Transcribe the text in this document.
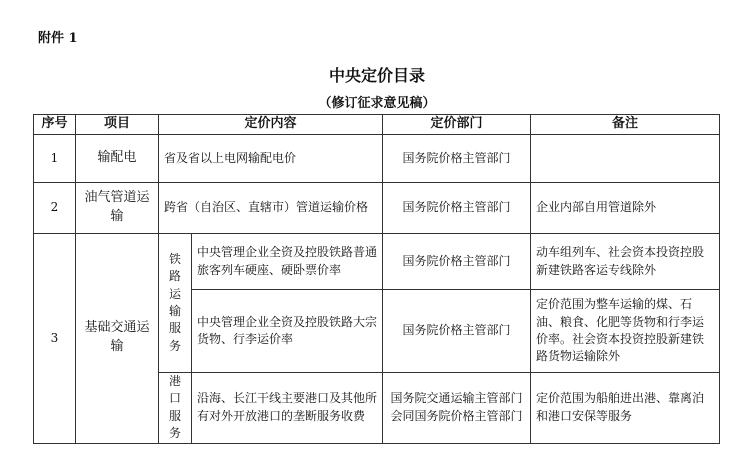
附件 1
中央定价目录
（修订征求意见稿）
序号	项目	定价内容		定价部门	备注
1	输配电	省及省以上电网输配电价		国务院价格主管部门	
2	油气管道运输	跨省（自治区、直辖市）管道运输价格		国务院价格主管部门	企业内部自用管道除外
3	基础交通运输	铁路运输服务	中央管理企业全资及控股铁路普通旅客列车硬座、硬卧票价率	国务院价格主管部门	动车组列车、社会资本投资控股新建铁路客运专线除外
			中央管理企业全资及控股铁路大宗货物、行李运价率	国务院价格主管部门	定价范围为整车运输的煤、石油、粮食、化肥等货物和行李运价率。社会资本投资控股新建铁路货物运输除外
		港口服务	沿海、长江干线主要港口及其他所有对外开放港口的垄断服务收费	国务院交通运输主管部门会同国务院价格主管部门	定价范围为船舶进出港、靠离泊和港口安保等服务
